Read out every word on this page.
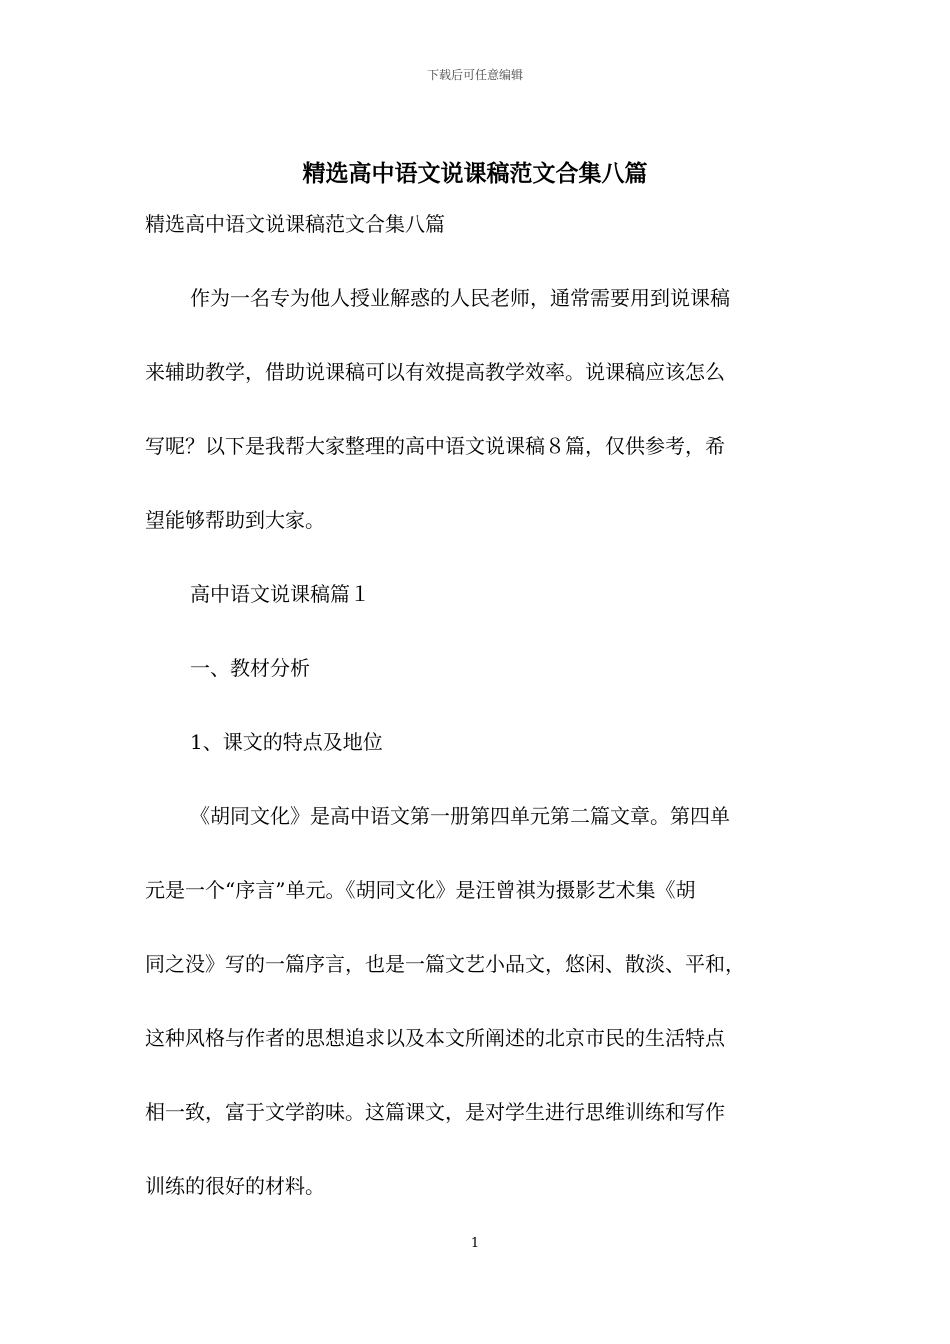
下载后可任意编辑
精选高中语文说课稿范文合集八篇
精选高中语文说课稿范文合集八篇
作为一名专为他人授业解惑的人民老师，通常需要用到说课稿
来辅助教学，借助说课稿可以有效提高教学效率。说课稿应该怎么
写呢？以下是我帮大家整理的高中语文说课稿８篇，仅供参考，希
望能够帮助到大家。
高中语文说课稿篇１
一、教材分析
1、课文的特点及地位
《胡同文化》是高中语文第一册第四单元第二篇文章。第四单
元是一个“序言”单元。《胡同文化》是汪曾祺为摄影艺术集《胡
同之没》写的一篇序言，也是一篇文艺小品文，悠闲、散淡、平和，
这种风格与作者的思想追求以及本文所阐述的北京市民的生活特点
相一致，富于文学韵味。这篇课文，是对学生进行思维训练和写作
训练的很好的材料。
1
